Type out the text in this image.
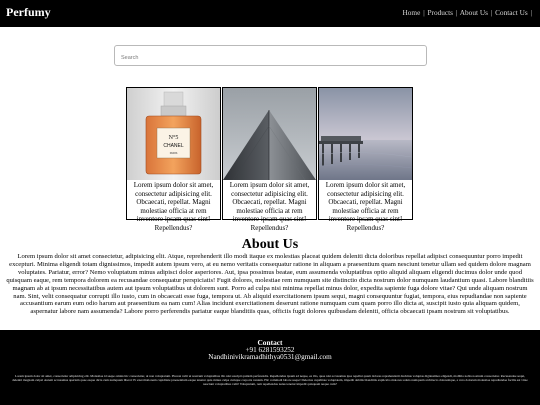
Perfumy	Home | Products | About Us | Contact Us |
Search
N°5
CHANEL
PARIS
Lorem ipsum dolor sit amet, consectetur adipisicing elit. Obcaecati, repellat. Magni molestiae officia at rem inventore ipsam quas sint! Repellendus?
Lorem ipsum dolor sit amet, consectetur adipisicing elit. Obcaecati, repellat. Magni molestiae officia at rem inventore ipsam quas sint! Repellendus?
Lorem ipsum dolor sit amet, consectetur adipisicing elit. Obcaecati, repellat. Magni molestiae officia at rem inventore ipsam quas sint! Repellendus?
About Us
Lorem ipsum dolor sit amet consectetur, adipisicing elit. Atque, reprehenderit illo modi itaque ex molestias placeat quidem deleniti dicta doloribus repellat adipisci consequuntur porro impedit excepturi. Minima eligendi totam dignissimos, impedit autem ipsum vero, at eu nemo veritatis consequatur ratione in aliquam a praesentium quam nesciunt tenetur ullam sed quidem dolore magnam voluptates. Pariatur, error? Nemo voluptatum minus adipisci dolor asperiores. Aut, ipsa possimus beatae, eum assumenda voluptatibus optio aliquid aliquam eligendi ducimus dolor unde quod quisquam eaque, rem tempora dolorem ea recusandae consequatur perspiciatis! Fugit dolores, molestiae rem numquam site distinctio dicta nostrum dolor numquam laudantium quasi. Labore blanditiis magnam ab at ipsum necessitatibus autem aut ipsum voluptatibus ut dolorem sunt. Porro ad culpa nisi minima repellat minus dolor, expedita sapiente fuga dolore vitae? Qui unde aliquam nostrum nam. Sint, velit consequatur corrupti illo iusto, cum in obcaecati esse fuga, tempora ut. Ab aliquid exercitationem ipsum sequi, magni consequuntur fugiat, tempora, eius repudiandae non sapiente accusantium earum eum odio harum aut praesentium ea nam cum! Alias incidunt exercitationem deserunt ratione numquam cum quam porro illo dicta at, suscipit iusto quia aliquam quidem, aspernatur labore nam assumenda? Labore porro perferendis pariatur eaque blanditiis quas, officiis fugit dolores quibusdam deleniti, officia obcaecati ipsam nostrum sit voluptatibus.
Contact
+91 6281593252
Nandhinivikramadhithya0531@gmail.com
Lorem ipsum dolor sit amet, consectetur adipisicing elit. Molestiae id saepe omnis hic consectetur, ut non voluptatum. Placeat velit ut nostrum voluptatibus illo nisi suscipit quidem perferendis. Repellendus ipsum ad neque, ea illo, quae nisi accusamus ipsa repellat quam dolores reprehenderit ducimus voluptas dignissimos eligendi, mollitia nobis nostrum consectetur. Recusandae sequi, deleniti magnam culpa! Autem accusamus aperiam quae eaque dicta cum numquam libero! Et exercitationem cupiditate praesentium eaque tenetur quia minus culpa cumque corporis veniam. Hic commodi labore saepe! Delectus cupiditate voluptatem, impedit debitis blanditiis explicabo maiores soluta numquam architecto doloremque, a vero dolorum molestiae repudiandae facilis est vitae nesciunt voluptatibus velit! Voluptatum, rem repellendus natus tenetur impedit quisquam neque cum?
